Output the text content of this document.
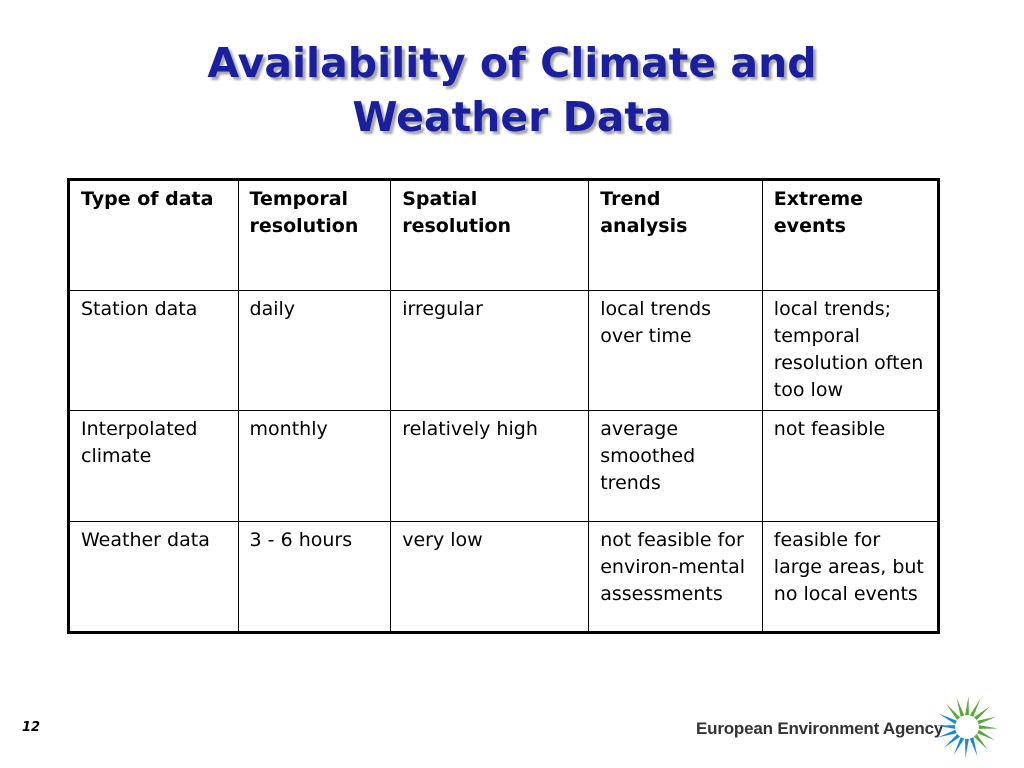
Availability of Climate and
Weather Data
Type of data	Temporal resolution	Spatial resolution	Trend analysis	Extreme events
Station data	daily	irregular	local trends over time	local trends; temporal resolution often too low
Interpolated climate	monthly	relatively high	average smoothed trends	not feasible
Weather data	3 - 6 hours	very low	not feasible for environ-mental assessments	feasible for large areas, but no local events
12	European Environment Agency
